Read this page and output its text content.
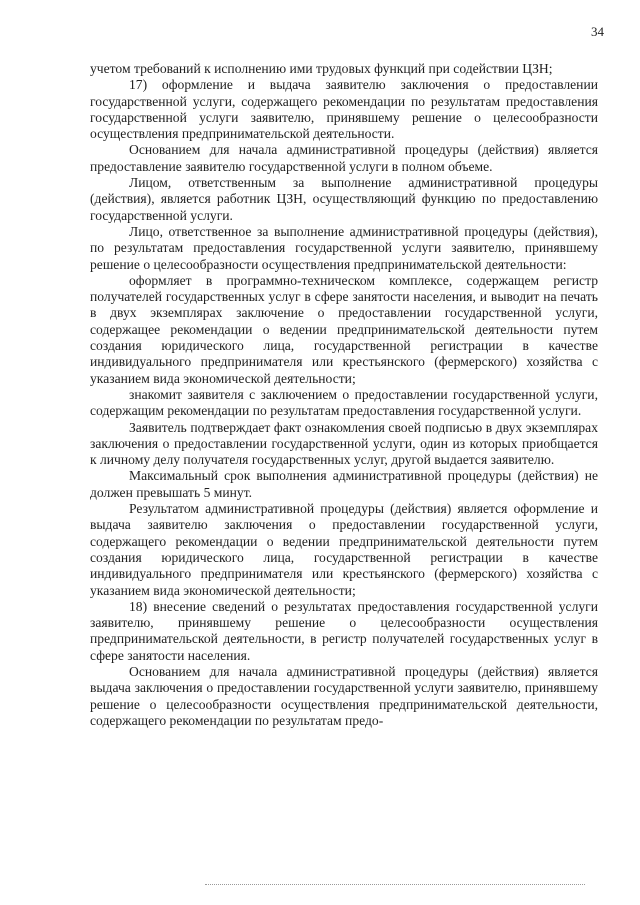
34

учетом требований к исполнению ими трудовых функций при содействии ЦЗН;

17) оформление и выдача заявителю заключения о предоставлении государственной услуги, содержащего рекомендации по результатам предоставления государственной услуги заявителю, принявшему решение о целесообразности осуществления предпринимательской деятельности.

Основанием для начала административной процедуры (действия) является предоставление заявителю государственной услуги в полном объеме.

Лицом, ответственным за выполнение административной процедуры (действия), является работник ЦЗН, осуществляющий функцию по предоставлению государственной услуги.

Лицо, ответственное за выполнение административной процедуры (действия), по результатам предоставления государственной услуги заявителю, принявшему решение о целесообразности осуществления предпринимательской деятельности:

оформляет в программно-техническом комплексе, содержащем регистр получателей государственных услуг в сфере занятости населения, и выводит на печать в двух экземплярах заключение о предоставлении государственной услуги, содержащее рекомендации о ведении предпринимательской деятельности путем создания юридического лица, государственной регистрации в качестве индивидуального предпринимателя или крестьянского (фермерского) хозяйства с указанием вида экономической деятельности;

знакомит заявителя с заключением о предоставлении государственной услуги, содержащим рекомендации по результатам предоставления государственной услуги.

Заявитель подтверждает факт ознакомления своей подписью в двух экземплярах заключения о предоставлении государственной услуги, один из которых приобщается к личному делу получателя государственных услуг, другой выдается заявителю.

Максимальный срок выполнения административной процедуры (действия) не должен превышать 5 минут.

Результатом административной процедуры (действия) является оформление и выдача заявителю заключения о предоставлении государственной услуги, содержащего рекомендации о ведении предпринимательской деятельности путем создания юридического лица, государственной регистрации в качестве индивидуального предпринимателя или крестьянского (фермерского) хозяйства с указанием вида экономической деятельности;

18) внесение сведений о результатах предоставления государственной услуги заявителю, принявшему решение о целесообразности осуществления предпринимательской деятельности, в регистр получателей государственных услуг в сфере занятости населения.

Основанием для начала административной процедуры (действия) является выдача заключения о предоставлении государственной услуги заявителю, принявшему решение о целесообразности осуществления предпринимательской деятельности, содержащего рекомендации по результатам предо-
